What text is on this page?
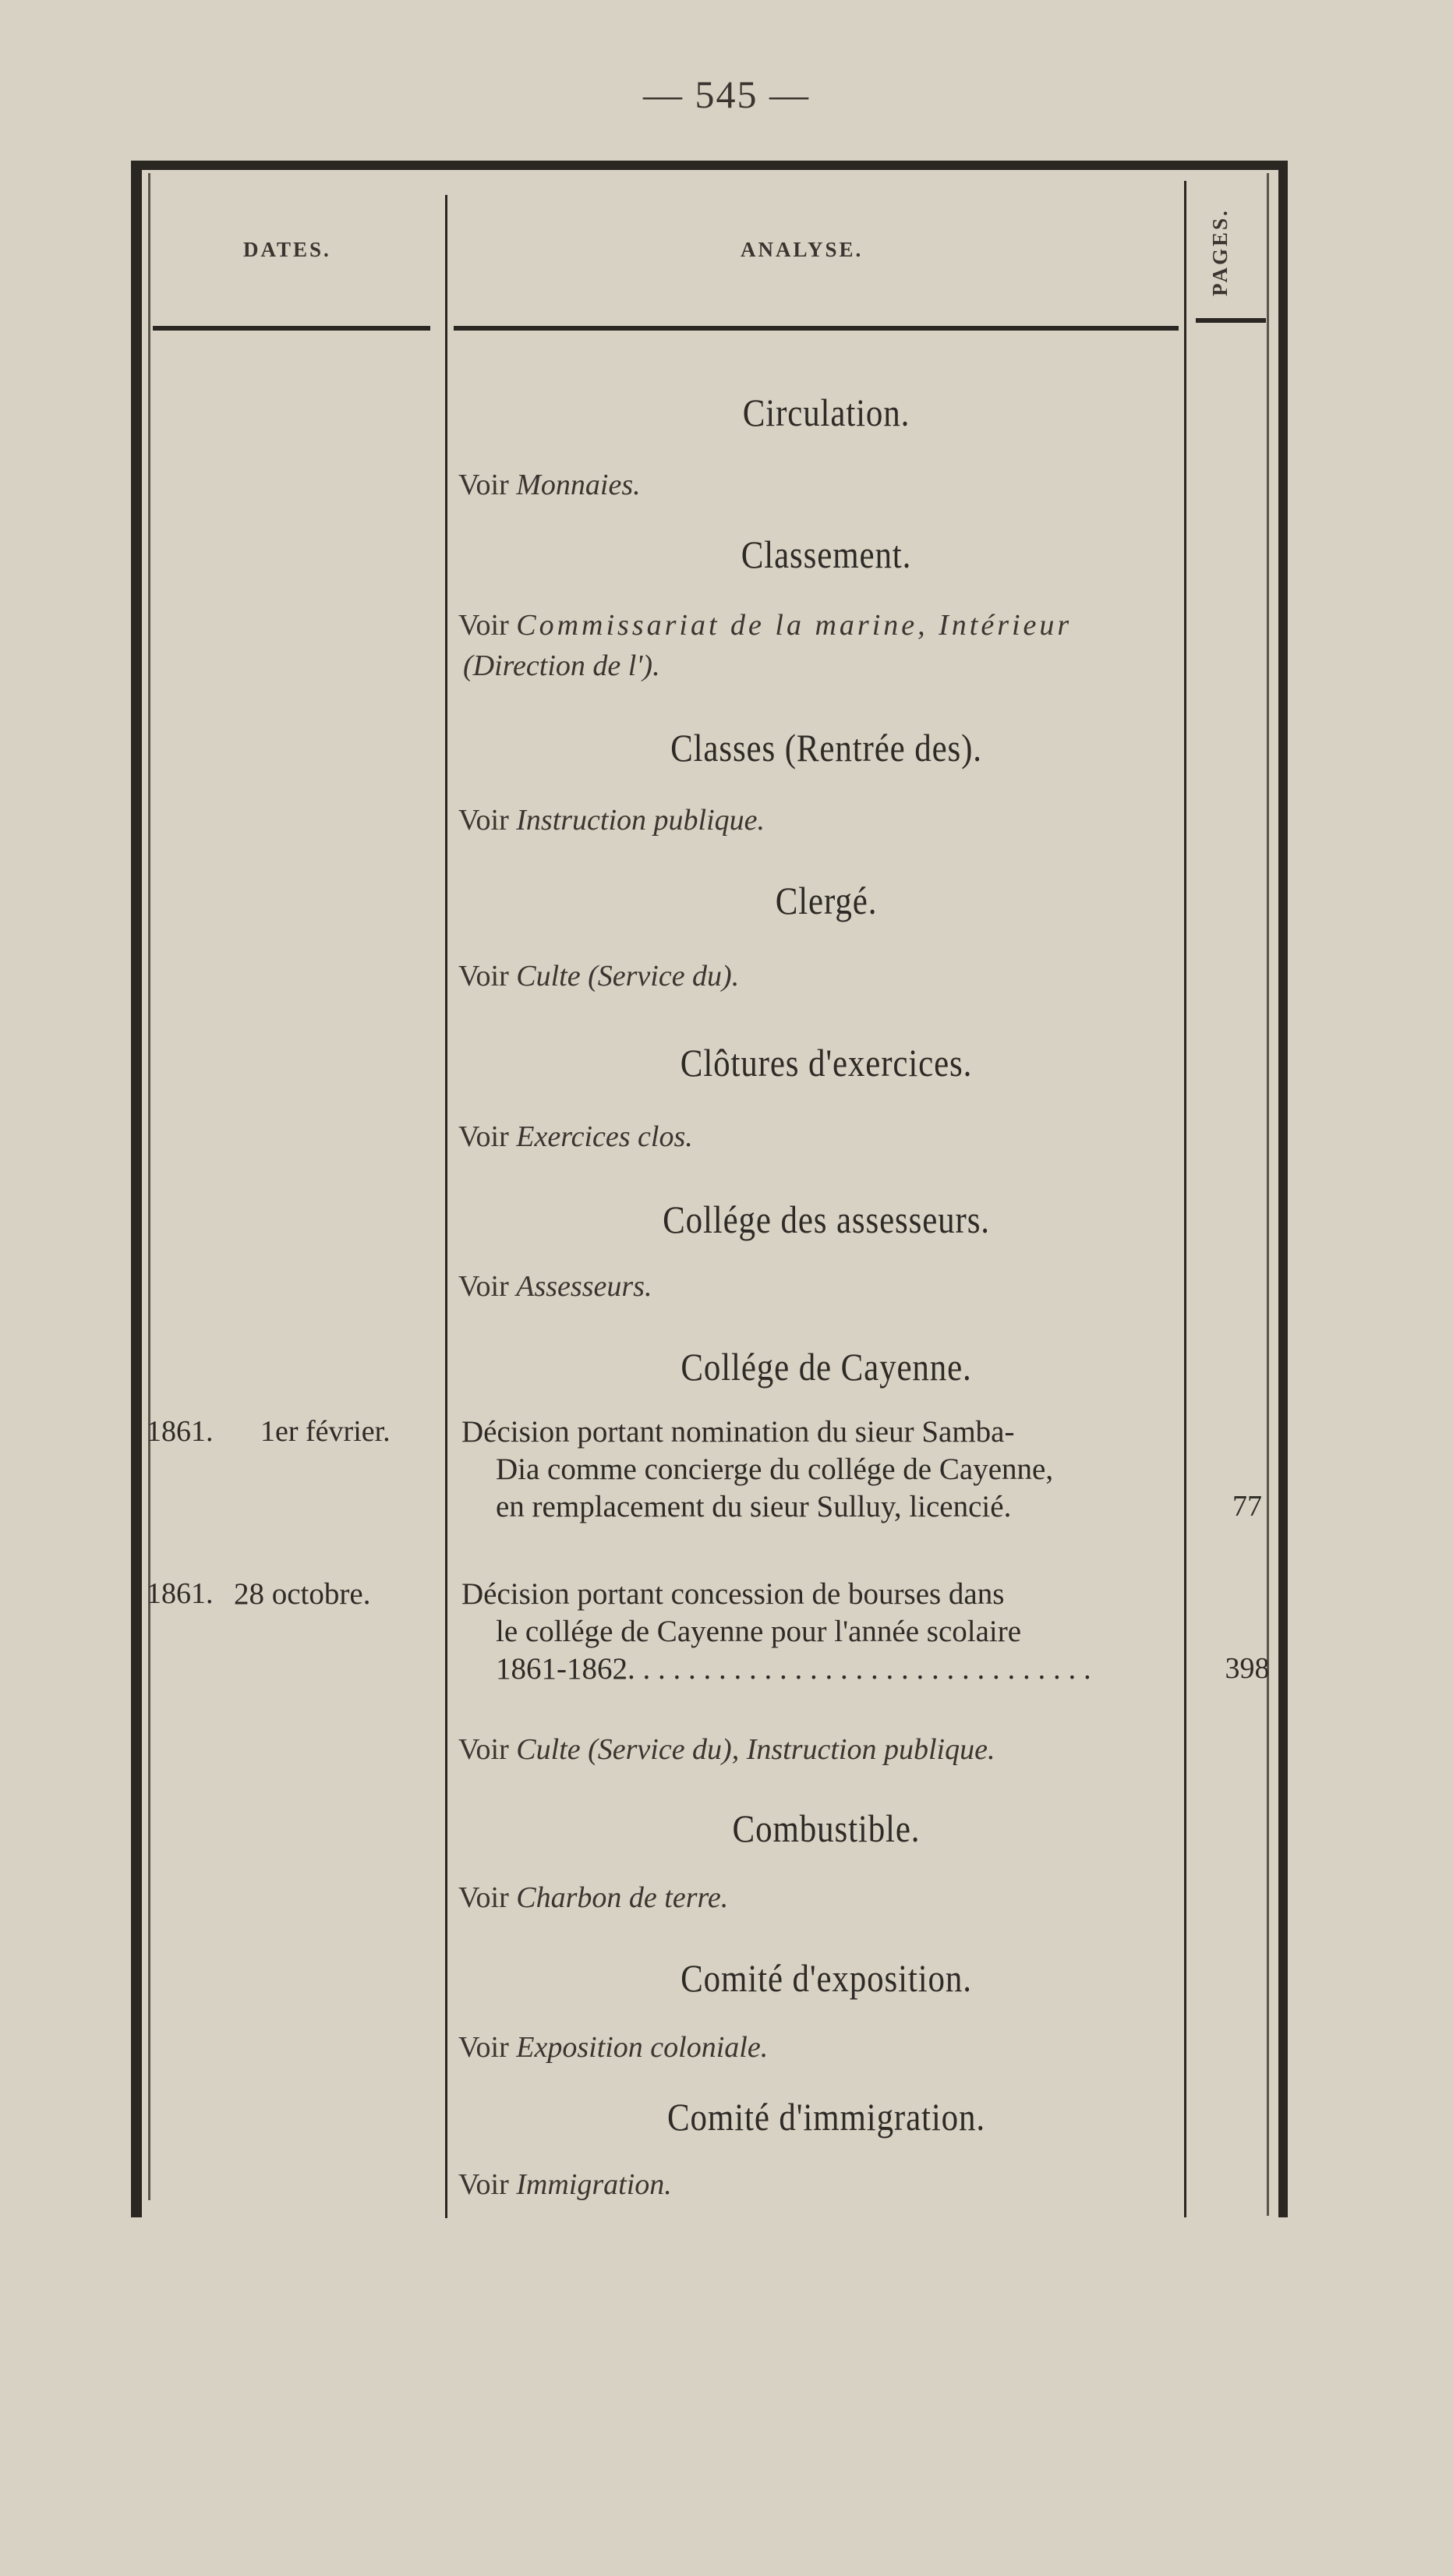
— 545 —
DATES.	ANALYSE.	PAGES.
Circulation.
Voir Monnaies.
Classement.
Voir Commissariat de la marine, Intérieur
(Direction de l').
Classes (Rentrée des).
Voir Instruction publique.
Clergé.
Voir Culte (Service du).
Clôtures d'exercices.
Voir Exercices clos.
Collége des assesseurs.
Voir Assesseurs.
Collége de Cayenne.
1861. 1er février. Décision portant nomination du sieur Samba-
Dia comme concierge du collége de Cayenne,
en remplacement du sieur Sulluy, licencié.	77
1861. 28 octobre.	Décision portant concession de bourses dans
le collége de Cayenne pour l'année scolaire
1861-1862. . . . . . . . . . . . . . . . . . . . . . . . . . . . . . .	398
Voir Culte (Service du), Instruction publique.
Combustible.
Voir Charbon de terre.
Comité d'exposition.
Voir Exposition coloniale.
Comité d'immigration.
Voir Immigration.
